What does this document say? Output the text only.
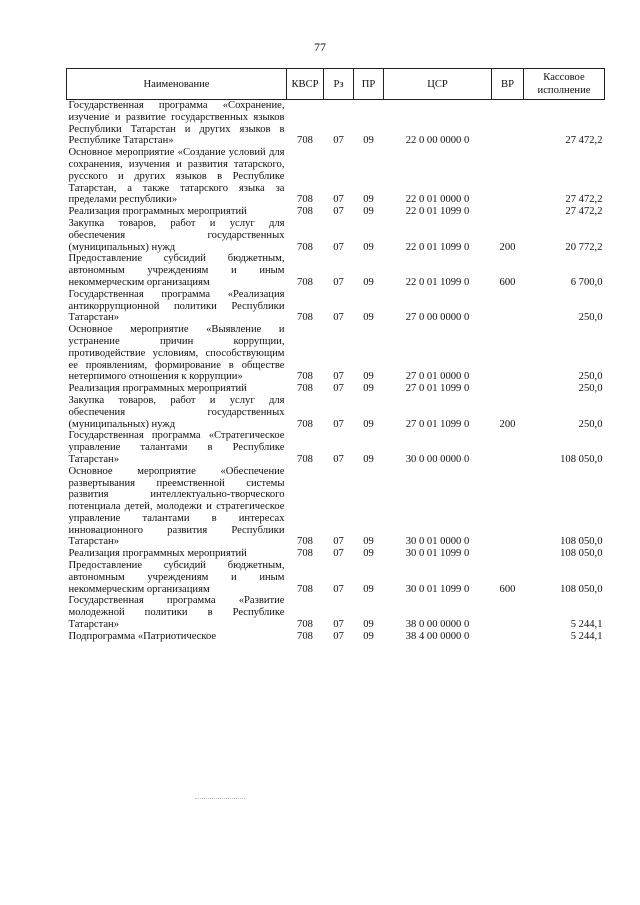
77
Наименование	КВСР	Рз	ПР	ЦСР	ВР	Кассовое исполнение
Государственная программа «Сохранение, изучение и развитие государственных языков Республики Татарстан и других языков в Республике Татарстан»	708	07	09	22 0 00 0000 0		27 472,2
Основное мероприятие «Создание условий для сохранения, изучения и развития татарского, русского и других языков в Республике Татарстан, а также татарского языка за пределами республики»	708	07	09	22 0 01 0000 0		27 472,2
Реализация программных мероприятий	708	07	09	22 0 01 1099 0		27 472,2
Закупка товаров, работ и услуг для обеспечения государственных (муниципальных) нужд	708	07	09	22 0 01 1099 0	200	20 772,2
Предоставление субсидий бюджетным, автономным учреждениям и иным некоммерческим организациям	708	07	09	22 0 01 1099 0	600	6 700,0
Государственная программа «Реализация антикоррупционной политики Республики Татарстан»	708	07	09	27 0 00 0000 0		250,0
Основное мероприятие «Выявление и устранение причин коррупции, противодействие условиям, способствующим ее проявлениям, формирование в обществе нетерпимого отношения к коррупции»	708	07	09	27 0 01 0000 0		250,0
Реализация программных мероприятий	708	07	09	27 0 01 1099 0		250,0
Закупка товаров, работ и услуг для обеспечения государственных (муниципальных) нужд	708	07	09	27 0 01 1099 0	200	250,0
Государственная программа «Стратегическое управление талантами в Республике Татарстан»	708	07	09	30 0 00 0000 0		108 050,0
Основное мероприятие «Обеспечение развертывания преемственной системы развития интеллектуально-творческого потенциала детей, молодежи и стратегическое управление талантами в интересах инновационного развития Республики Татарстан»	708	07	09	30 0 01 0000 0		108 050,0
Реализация программных мероприятий	708	07	09	30 0 01 1099 0		108 050,0
Предоставление субсидий бюджетным, автономным учреждениям и иным некоммерческим организациям	708	07	09	30 0 01 1099 0	600	108 050,0
Государственная программа «Развитие молодежной политики в Республике Татарстан»	708	07	09	38 0 00 0000 0		5 244,1
Подпрограмма «Патриотическое	708	07	09	38 4 00 0000 0		5 244,1
